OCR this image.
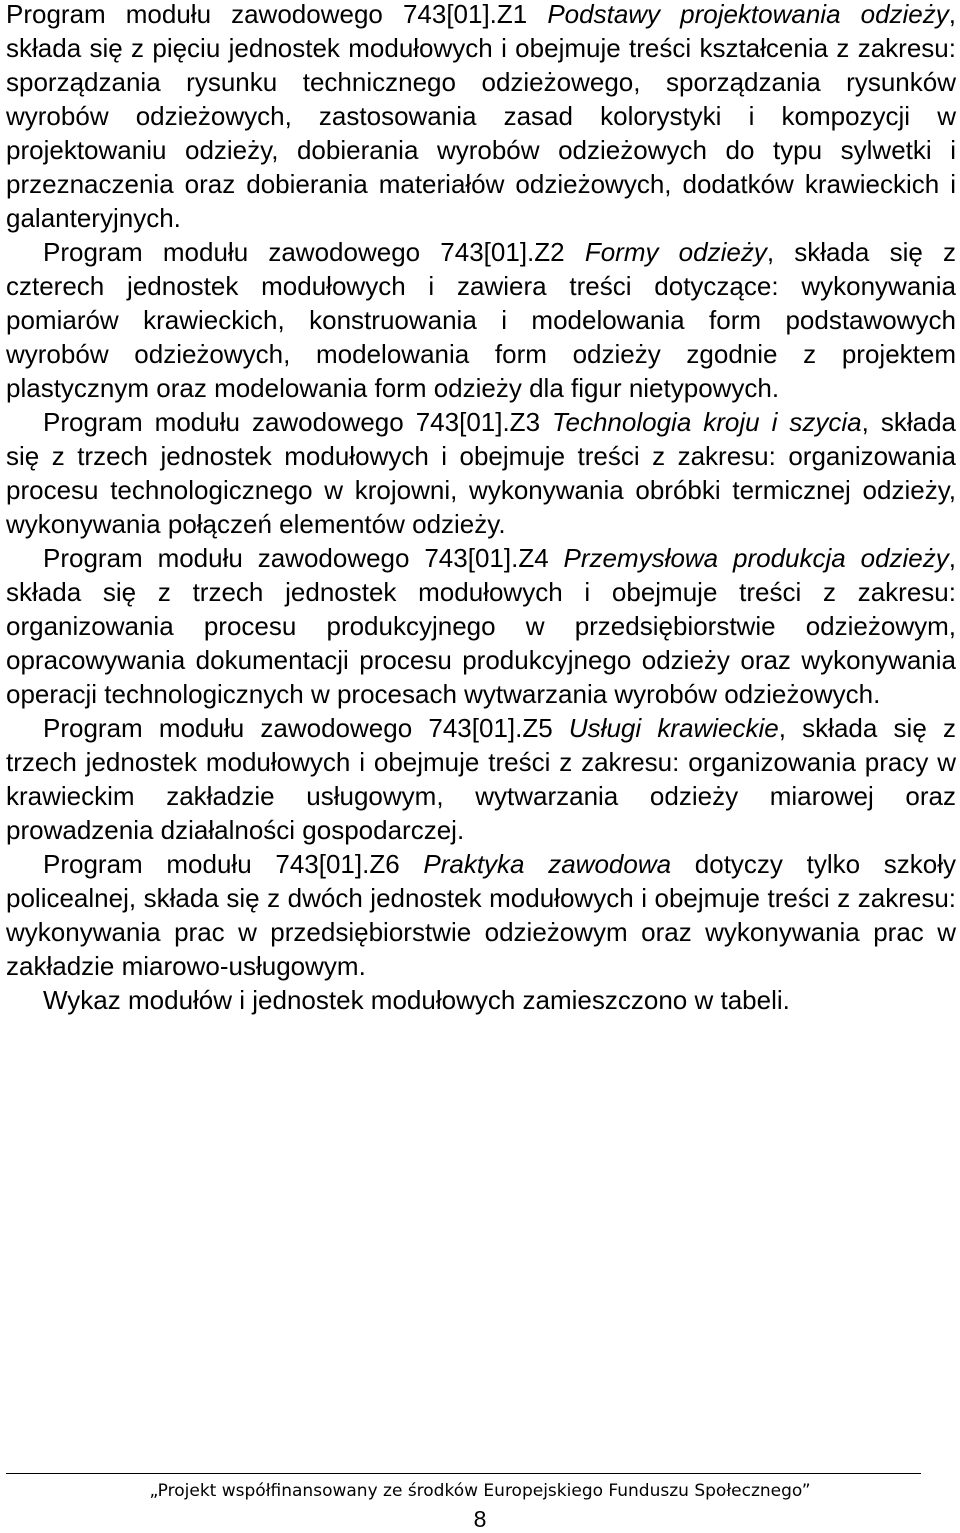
Program modułu zawodowego 743[01].Z1 Podstawy projektowania odzieży, składa się z pięciu jednostek modułowych i obejmuje treści kształcenia z zakresu: sporządzania rysunku technicznego odzieżowego, sporządzania rysunków wyrobów odzieżowych, zastosowania zasad kolorystyki i kompozycji w projektowaniu odzieży, dobierania wyrobów odzieżowych do typu sylwetki i przeznaczenia oraz dobierania materiałów odzieżowych, dodatków krawieckich i galanteryjnych.

Program modułu zawodowego 743[01].Z2 Formy odzieży, składa się z czterech jednostek modułowych i zawiera treści dotyczące: wykonywania pomiarów krawieckich, konstruowania i modelowania form podstawowych wyrobów odzieżowych, modelowania form odzieży zgodnie z projektem plastycznym oraz modelowania form odzieży dla figur nietypowych.

Program modułu zawodowego 743[01].Z3 Technologia kroju i szycia, składa się z trzech jednostek modułowych i obejmuje treści z zakresu: organizowania procesu technologicznego w krojowni, wykonywania obróbki termicznej odzieży, wykonywania połączeń elementów odzieży.

Program modułu zawodowego 743[01].Z4 Przemysłowa produkcja odzieży, składa się z trzech jednostek modułowych i obejmuje treści z zakresu: organizowania procesu produkcyjnego w przedsiębiorstwie odzieżowym, opracowywania dokumentacji procesu produkcyjnego odzieży oraz wykonywania operacji technologicznych w procesach wytwarzania wyrobów odzieżowych.

Program modułu zawodowego 743[01].Z5 Usługi krawieckie, składa się z trzech jednostek modułowych i obejmuje treści z zakresu: organizowania pracy w krawieckim zakładzie usługowym, wytwarzania odzieży miarowej oraz prowadzenia działalności gospodarczej.

Program modułu 743[01].Z6 Praktyka zawodowa dotyczy tylko szkoły policealnej, składa się z dwóch jednostek modułowych i obejmuje treści z zakresu: wykonywania prac w przedsiębiorstwie odzieżowym oraz wykonywania prac w zakładzie miarowo-usługowym.

Wykaz modułów i jednostek modułowych zamieszczono w tabeli.

„Projekt współfinansowany ze środków Europejskiego Funduszu Społecznego”
8
